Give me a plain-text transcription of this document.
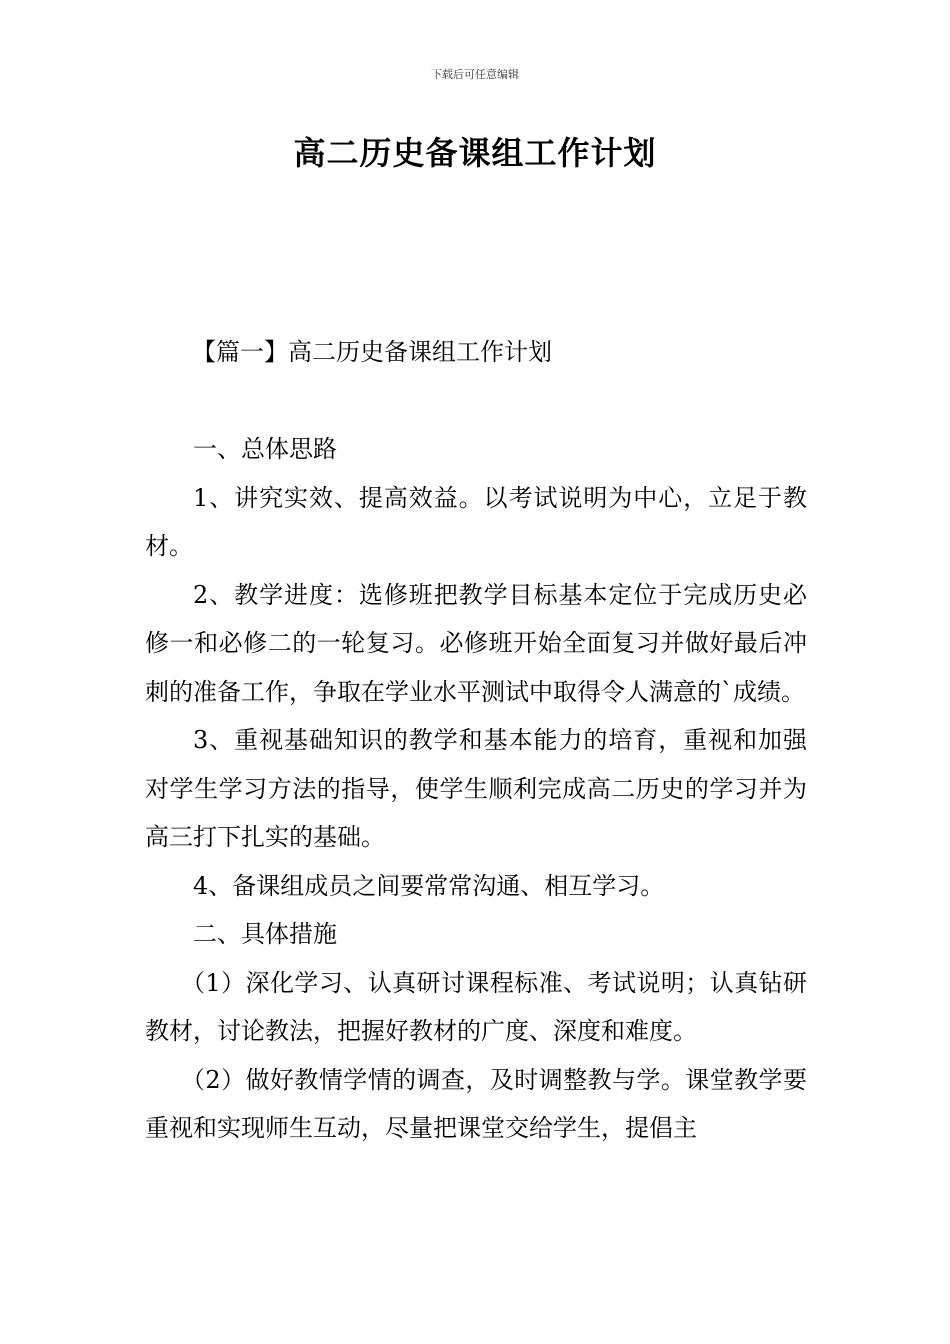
下载后可任意编辑
高二历史备课组工作计划
【篇一】高二历史备课组工作计划

一、总体思路

1、讲究实效、提高效益。以考试说明为中心，立足于教材。

2、教学进度：选修班把教学目标基本定位于完成历史必修一和必修二的一轮复习。必修班开始全面复习并做好最后冲刺的准备工作，争取在学业水平测试中取得令人满意的`成绩。

3、重视基础知识的教学和基本能力的培育，重视和加强对学生学习方法的指导，使学生顺利完成高二历史的学习并为高三打下扎实的基础。

4、备课组成员之间要常常沟通、相互学习。

二、具体措施

（1）深化学习、认真研讨课程标准、考试说明；认真钻研教材，讨论教法，把握好教材的广度、深度和难度。

（2）做好教情学情的调查，及时调整教与学。课堂教学要重视和实现师生互动，尽量把课堂交给学生，提倡主
